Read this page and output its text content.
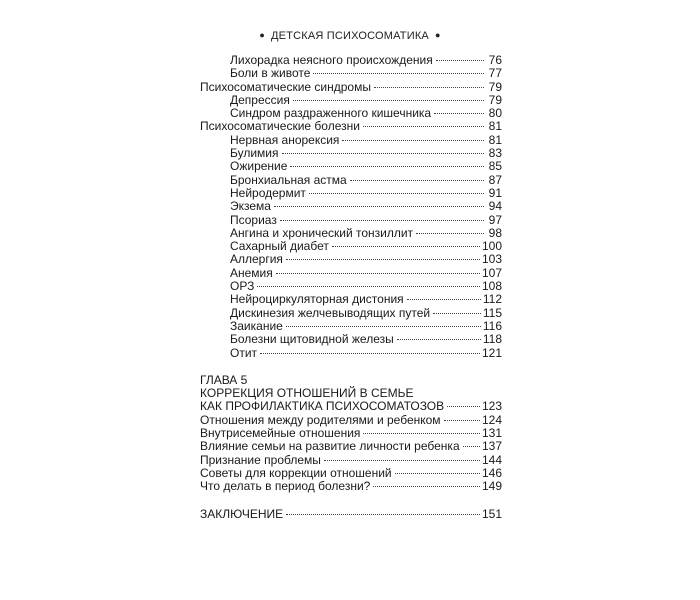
● ДЕТСКАЯ ПСИХОСОМАТИКА ●
Лихорадка неясного происхождения	76
Боли в животе	77
Психосоматические синдромы	79
Депрессия	79
Синдром раздраженного кишечника	80
Психосоматические болезни	81
Нервная анорексия	81
Булимия	83
Ожирение	85
Бронхиальная астма	87
Нейродермит	91
Экзема	94
Псориаз	97
Ангина и хронический тонзиллит	98
Сахарный диабет	100
Аллергия	103
Анемия	107
ОРЗ	108
Нейроциркуляторная дистония	112
Дискинезия желчевыводящих путей	115
Заикание	116
Болезни щитовидной железы	118
Отит	121
ГЛАВА 5
КОРРЕКЦИЯ ОТНОШЕНИЙ В СЕМЬЕ
КАК ПРОФИЛАКТИКА ПСИХОСОМАТОЗОВ	123
Отношения между родителями и ребенком	124
Внутрисемейные отношения	131
Влияние семьи на развитие личности ребенка 137
Признание проблемы	144
Советы для коррекции отношений	146
Что делать в период болезни?	149
ЗАКЛЮЧЕНИЕ	151
